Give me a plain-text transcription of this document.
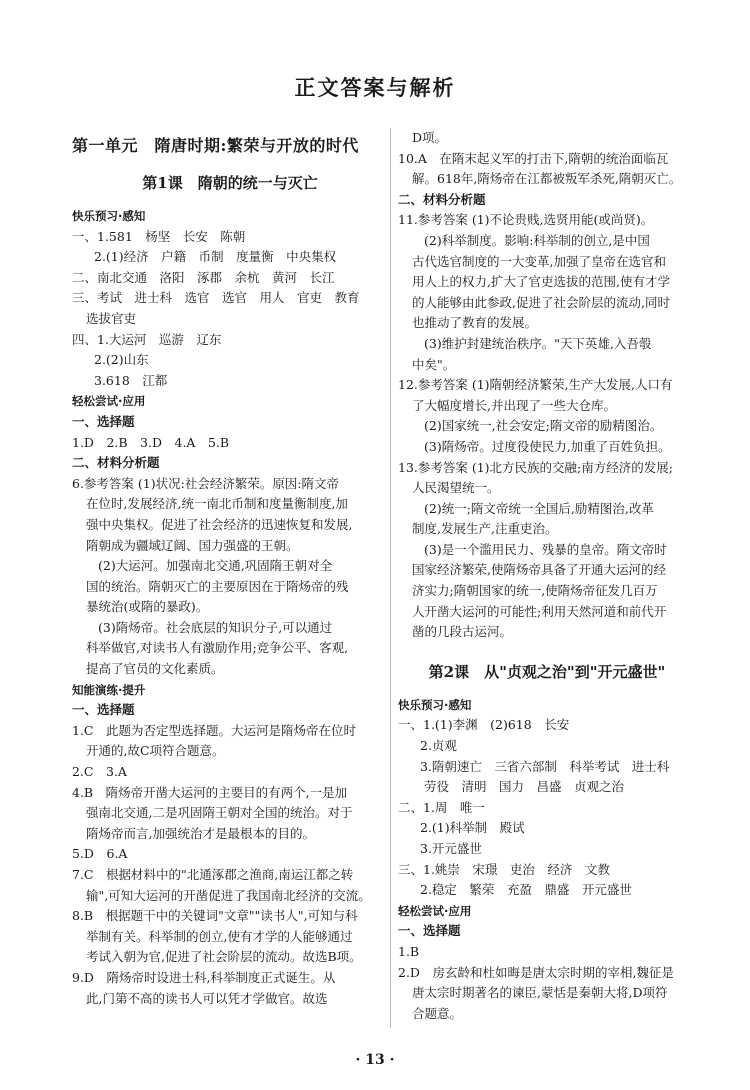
正文答案与解析
第一单元　隋唐时期:繁荣与开放的时代
第1课　隋朝的统一与灭亡
快乐预习·感知
一、1.581　杨坚　长安　陈朝
2.(1)经济　户籍　币制　度量衡　中央集权
二、南北交通　洛阳　涿郡　余杭　黄河　长江
三、考试　进士科　选官　选官　用人　官吏　教育
选拔官吏
四、1.大运河　巡游　辽东
2.(2)山东
3.618　江都
轻松尝试·应用
一、选择题
1.D　2.B　3.D　4.A　5.B
二、材料分析题
6.参考答案 (1)状况:社会经济繁荣。原因:隋文帝
在位时,发展经济,统一南北币制和度量衡制度,加
强中央集权。促进了社会经济的迅速恢复和发展,
隋朝成为疆域辽阔、国力强盛的王朝。
(2)大运河。加强南北交通,巩固隋王朝对全
国的统治。隋朝灭亡的主要原因在于隋炀帝的残
暴统治(或隋的暴政)。
(3)隋炀帝。社会底层的知识分子,可以通过
科举做官,对读书人有激励作用;竞争公平、客观,
提高了官员的文化素质。
知能演练·提升
一、选择题
1.C　此题为否定型选择题。大运河是隋炀帝在位时
开通的,故C项符合题意。
2.C　3.A
4.B　隋炀帝开凿大运河的主要目的有两个,一是加
强南北交通,二是巩固隋王朝对全国的统治。对于
隋炀帝而言,加强统治才是最根本的目的。
5.D　6.A
7.C　根据材料中的"北通涿郡之渔商,南运江都之转
输",可知大运河的开凿促进了我国南北经济的交流。
8.B　根据题干中的关键词"文章""读书人",可知与科
举制有关。科举制的创立,使有才学的人能够通过
考试入朝为官,促进了社会阶层的流动。故选B项。
9.D　隋炀帝时设进士科,科举制度正式诞生。从
此,门第不高的读书人可以凭才学做官。故选
D项。
10.A　在隋末起义军的打击下,隋朝的统治面临瓦
解。618年,隋炀帝在江都被叛军杀死,隋朝灭亡。
二、材料分析题
11.参考答案 (1)不论贵贱,选贤用能(或尚贤)。
(2)科举制度。影响:科举制的创立,是中国
古代选官制度的一大变革,加强了皇帝在选官和
用人上的权力,扩大了官吏选拔的范围,使有才学
的人能够由此参政,促进了社会阶层的流动,同时
也推动了教育的发展。
(3)维护封建统治秩序。"天下英雄,入吾彀
中矣"。
12.参考答案 (1)隋朝经济繁荣,生产大发展,人口有
了大幅度增长,并出现了一些大仓库。
(2)国家统一,社会安定;隋文帝的励精图治。
(3)隋炀帝。过度役使民力,加重了百姓负担。
13.参考答案 (1)北方民族的交融;南方经济的发展;
人民渴望统一。
(2)统一;隋文帝统一全国后,励精图治,改革
制度,发展生产,注重吏治。
(3)是一个滥用民力、残暴的皇帝。隋文帝时
国家经济繁荣,使隋炀帝具备了开通大运河的经
济实力;隋朝国家的统一,使隋炀帝征发几百万
人开凿大运河的可能性;利用天然河道和前代开
凿的几段古运河。
第2课　从"贞观之治"到"开元盛世"
快乐预习·感知
一、1.(1)李渊　(2)618　长安
2.贞观
3.隋朝速亡　三省六部制　科举考试　进士科
劳役　清明　国力　昌盛　贞观之治
二、1.周　唯一
2.(1)科举制　殿试
3.开元盛世
三、1.姚崇　宋璟　吏治　经济　文教
2.稳定　繁荣　充盈　鼎盛　开元盛世
轻松尝试·应用
一、选择题
1.B
2.D　房玄龄和杜如晦是唐太宗时期的宰相,魏征是
唐太宗时期著名的谏臣,蒙恬是秦朝大将,D项符
合题意。
· 13 ·
